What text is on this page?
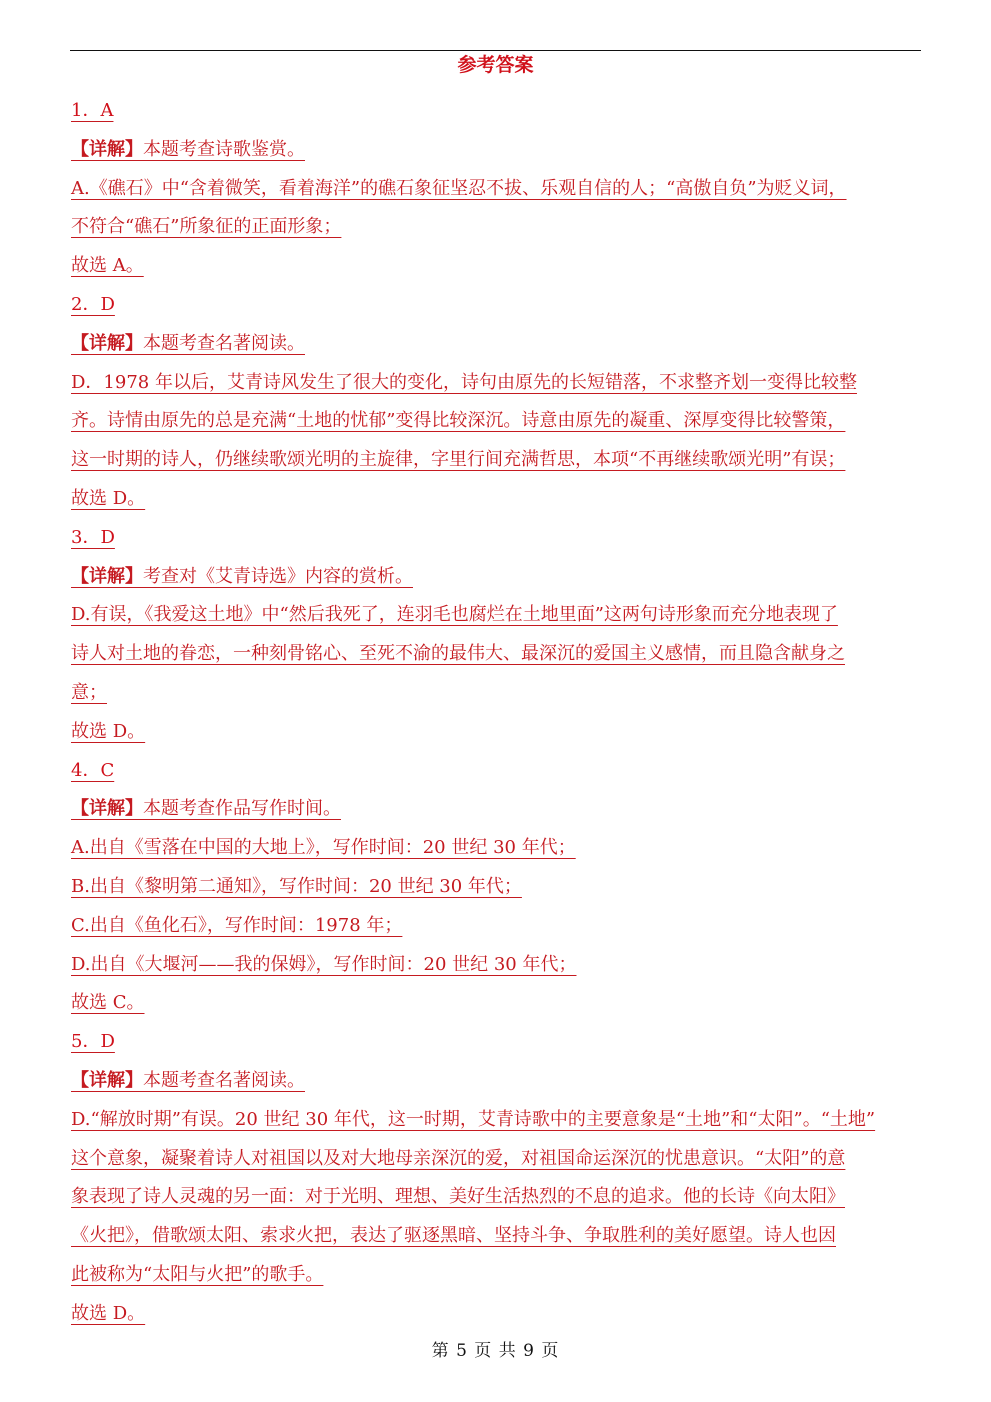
参考答案
1．A
【详解】本题考查诗歌鉴赏。
A.《礁石》中“含着微笑，看着海洋”的礁石象征坚忍不拔、乐观自信的人；“高傲自负”为贬义词，
不符合“礁石”所象征的正面形象；
故选 A。
2．D
【详解】本题考查名著阅读。
D．1978 年以后，艾青诗风发生了很大的变化，诗句由原先的长短错落，不求整齐划一变得比较整
齐。诗情由原先的总是充满“土地的忧郁”变得比较深沉。诗意由原先的凝重、深厚变得比较警策，
这一时期的诗人，仍继续歌颂光明的主旋律，字里行间充满哲思，本项“不再继续歌颂光明”有误；
故选 D。
3．D
【详解】考查对《艾青诗选》内容的赏析。
D.有误，《我爱这土地》中“然后我死了，连羽毛也腐烂在土地里面”这两句诗形象而充分地表现了
诗人对土地的眷恋，一种刻骨铭心、至死不渝的最伟大、最深沉的爱国主义感情，而且隐含献身之
意；
故选 D。
4．C
【详解】本题考查作品写作时间。
A.出自《雪落在中国的大地上》，写作时间：20 世纪 30 年代；
B.出自《黎明第二通知》，写作时间：20 世纪 30 年代；
C.出自《鱼化石》，写作时间：1978 年；
D.出自《大堰河——我的保姆》，写作时间：20 世纪 30 年代；
故选 C。
5．D
【详解】本题考查名著阅读。
D.“解放时期”有误。20 世纪 30 年代，这一时期，艾青诗歌中的主要意象是“土地”和“太阳”。“土地”
这个意象，凝聚着诗人对祖国以及对大地母亲深沉的爱，对祖国命运深沉的忧患意识。“太阳”的意
象表现了诗人灵魂的另一面：对于光明、理想、美好生活热烈的不息的追求。他的长诗《向太阳》
《火把》，借歌颂太阳、索求火把，表达了驱逐黑暗、坚持斗争、争取胜利的美好愿望。诗人也因
此被称为“太阳与火把”的歌手。
故选 D。
第 5 页 共 9 页
